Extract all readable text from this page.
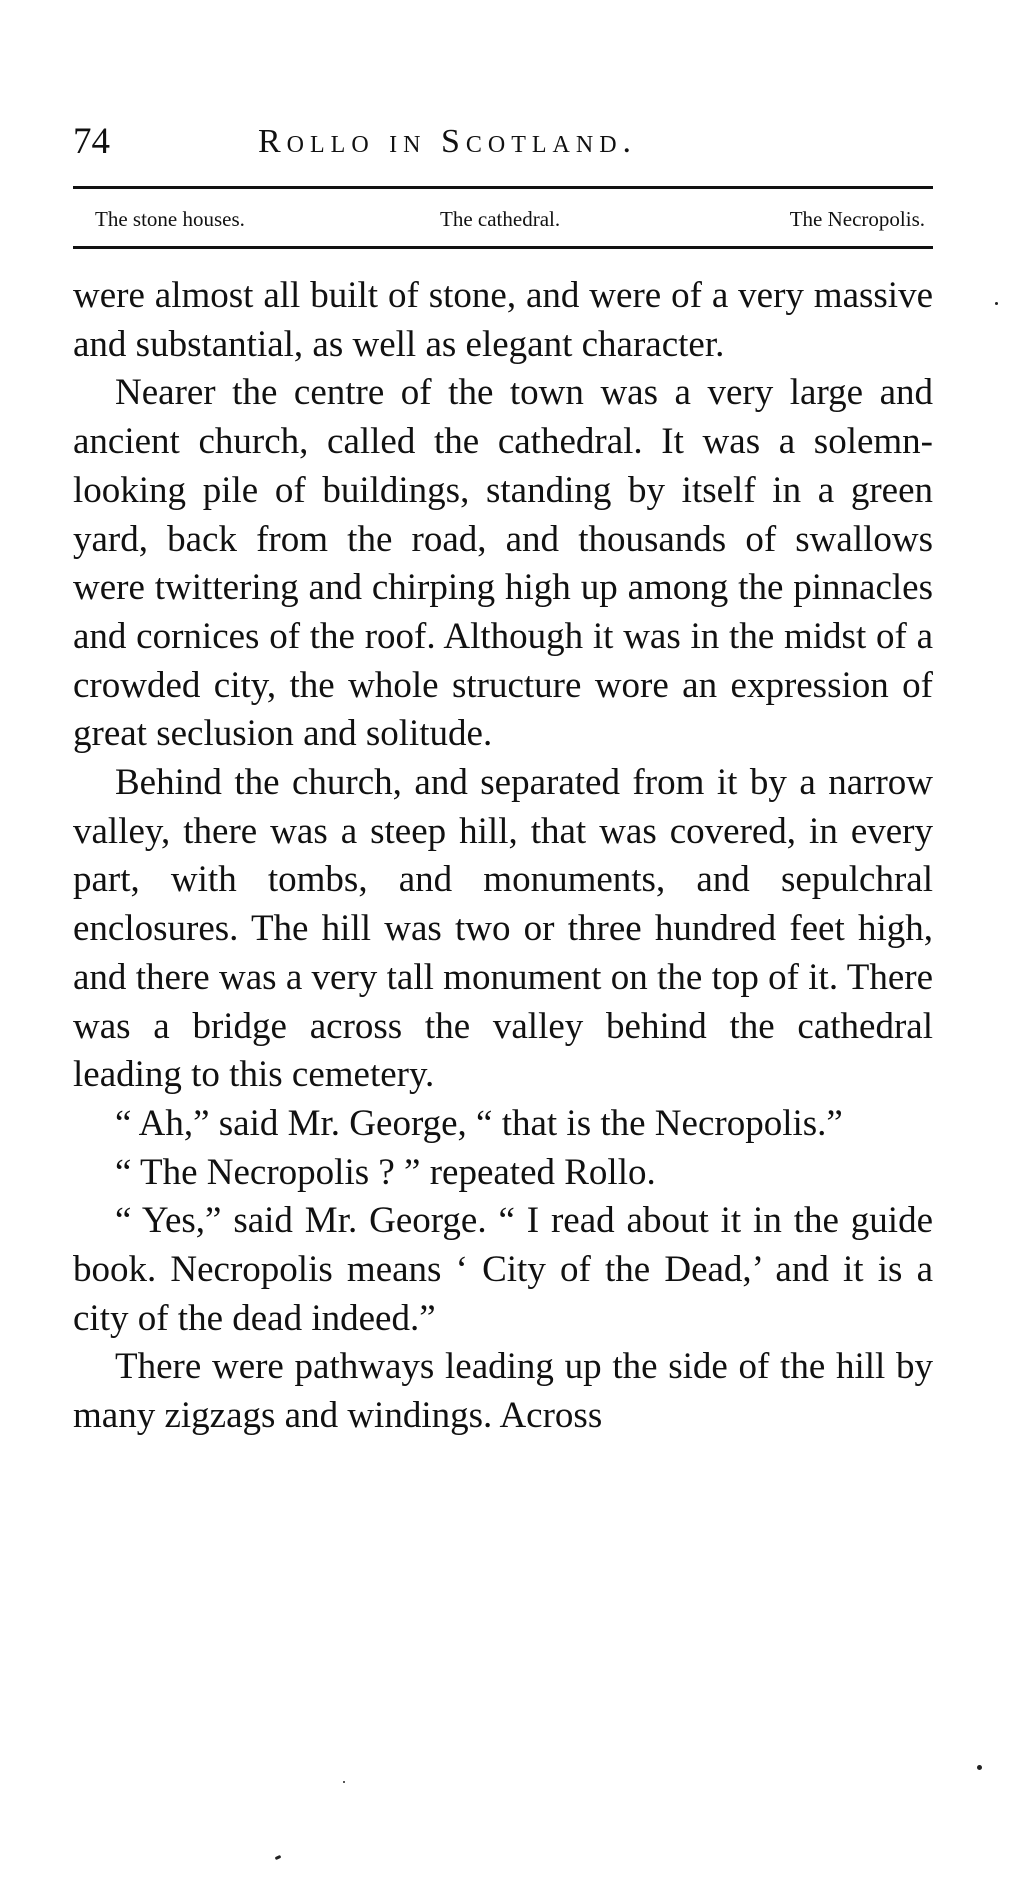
74	Rollo in Scotland.
The stone houses.	The cathedral.	The Necropolis.

were almost all built of stone, and were of a very massive and substantial, as well as elegant character.

Nearer the centre of the town was a very large and ancient church, called the cathedral. It was a solemn-looking pile of buildings, standing by itself in a green yard, back from the road, and thousands of swallows were twittering and chirping high up among the pinnacles and cornices of the roof. Although it was in the midst of a crowded city, the whole structure wore an expression of great seclusion and solitude.

Behind the church, and separated from it by a narrow valley, there was a steep hill, that was covered, in every part, with tombs, and monuments, and sepulchral enclosures. The hill was two or three hundred feet high, and there was a very tall monument on the top of it. There was a bridge across the valley behind the cathedral leading to this cemetery.

“ Ah,” said Mr. George, “ that is the Necropolis.”

“ The Necropolis ? ” repeated Rollo.

“ Yes,” said Mr. George. “ I read about it in the guide book. Necropolis means ‘ City of the Dead,’ and it is a city of the dead indeed.”

There were pathways leading up the side of the hill by many zigzags and windings. Across
